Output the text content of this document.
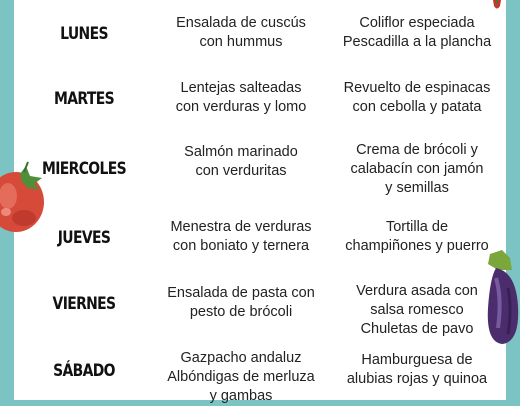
LUNES
Ensalada de cuscús
con hummus
Coliflor especiada
Pescadilla a la plancha
MARTES
Lentejas salteadas
con verduras y lomo
Revuelto de espinacas
con cebolla y patata
MIERCOLES
Salmón marinado
con verduritas
Crema de brócoli y
calabacín con jamón
y semillas
JUEVES
Menestra de verduras
con boniato y ternera
Tortilla de
champiñones y puerro
VIERNES
Ensalada de pasta con
pesto de brócoli
Verdura asada con
salsa romesco
Chuletas de pavo
SÁBADO
Gazpacho andaluz
Albóndigas de merluza
y gambas
Hamburguesa de
alubias rojas y quinoa
